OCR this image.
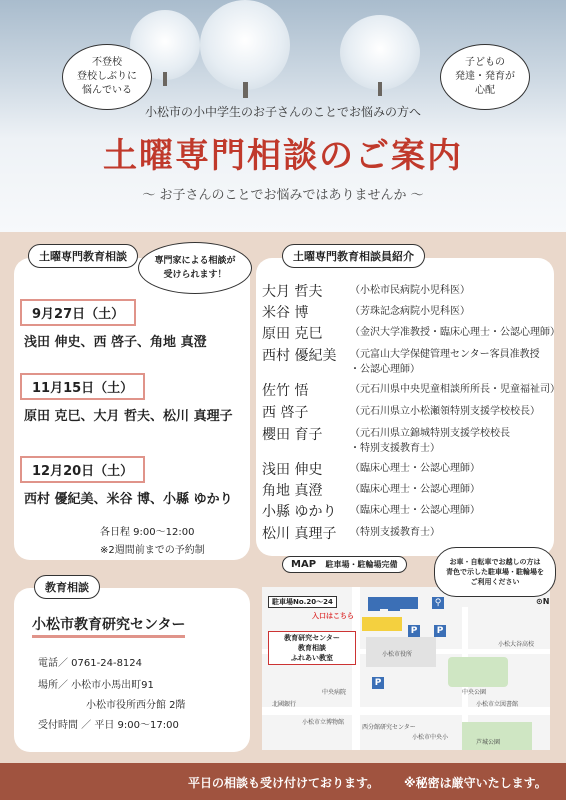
不登校
登校しぶりに
悩んでいる
子どもの
発達・発育が
心配
小松市の小中学生のお子さんのことでお悩みの方へ
土曜専門相談のご案内
～ お子さんのことでお悩みではありませんか ～
土曜専門教育相談	専門家による相談が
受けられます！
9月27日（土）
浅田 伸史、西 啓子、角地 真澄
11月15日（土）
原田 克巳、大月 哲夫、松川 真理子
12月20日（土）
西村 優紀美、米谷 博、小縣 ゆかり
各日程 9:00～12:00
※2週間前までの予約制
土曜専門教育相談員紹介
大月 哲夫	（小松市民病院小児科医）
米谷 博	（芳珠記念病院小児科医）
原田 克巳	（金沢大学准教授・臨床心理士・公認心理師）
西村 優紀美 （元富山大学保健管理センター客員准教授
・公認心理師）
佐竹 悟	（元石川県中央児童相談所所長・児童福祉司）
西 啓子	（元石川県立小松瀬領特別支援学校校長）
櫻田 育子	（元石川県立錦城特別支援学校校長
・特別支援教育士）
浅田 伸史	（臨床心理士・公認心理師）
角地 真澄	（臨床心理士・公認心理師）
小縣 ゆかり （臨床心理士・公認心理師）
松川 真理子 （特別支援教育士）
教育相談
小松市教育研究センター
電話／ 0761-24-8124
場所／ 小松市小馬出町91
小松市役所西分館 2階
受付時間 ／ 平日 9:00～17:00
MAP 駐車場・駐輪場完備	お車・自転車でお越しの方は
青色で示した駐車場・駐輪場を
ご利用ください
駐車場No.20～24
入口はこちら
教育研究センター
教育相談
ふれあい教室
⊙N
P
P
P
⚲
小松市役所
中央公園
小松市立図書館
芦城公園
小松大谷高校
中央病院
小松市立博物館
北國銀行
西分館研究センター
小松市中央小
平日の相談も受け付けております。 ※秘密は厳守いたします。
